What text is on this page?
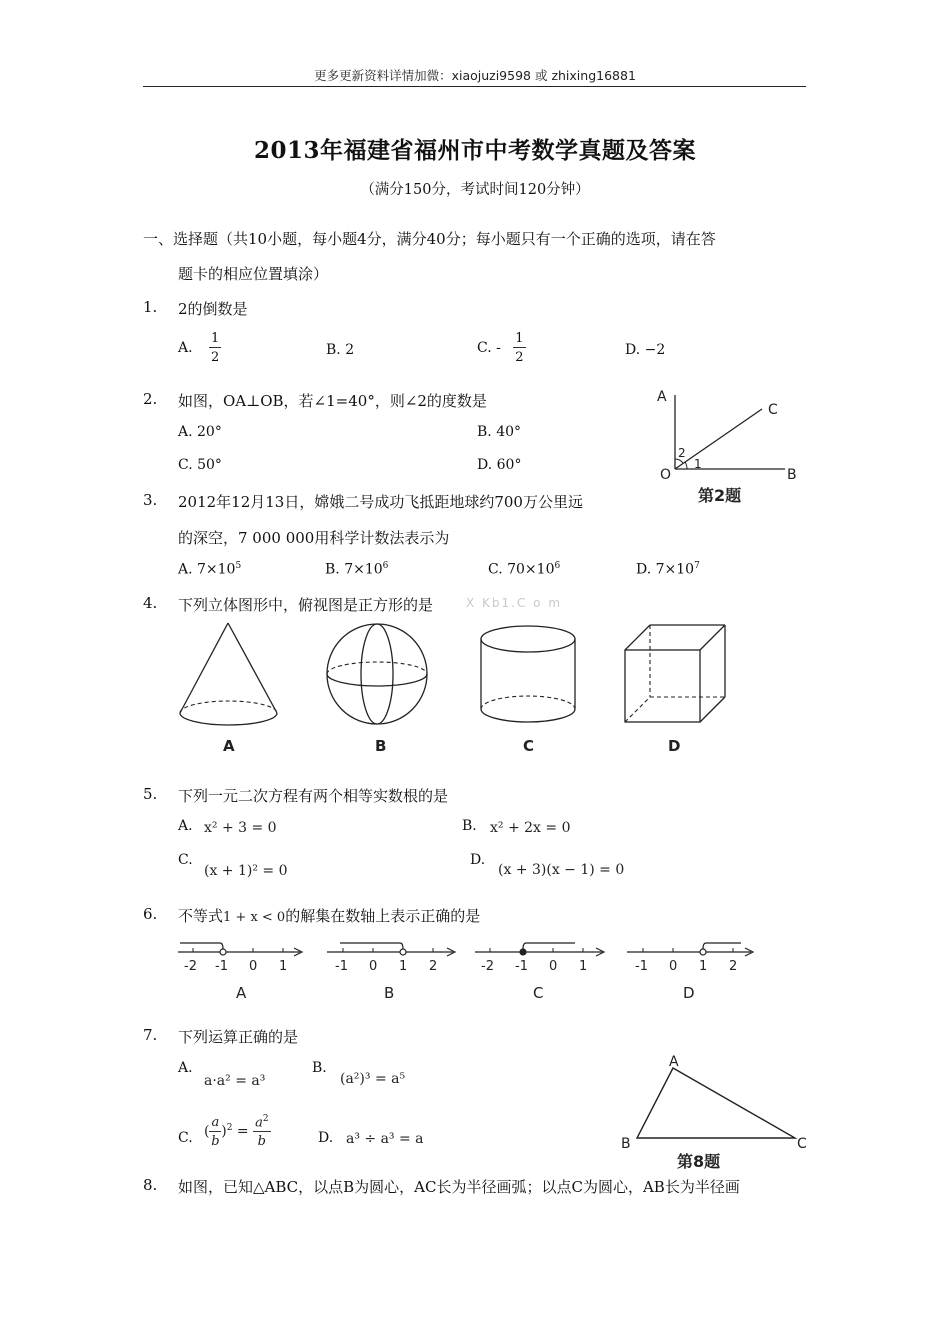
更多更新资料详情加微：xiaojuzi9598 或 zhixing16881
2013年福建省福州市中考数学真题及答案
（满分150分，考试时间120分钟）
一、选择题（共10小题，每小题4分，满分40分；每小题只有一个正确的选项，请在答
题卡的相应位置填涂）
1. 2的倒数是
A. $\frac{1}{2}$	B. 2	C. - $\frac{1}{2}$	D. −2
2. 如图，OA⊥OB，若∠1=40°，则∠2的度数是
A. 20°	B. 40°
C. 50°	D. 60°
A
C
O	B
1
2
第2题
3. 2012年12月13日，嫦娥二号成功飞抵距地球约700万公里远
的深空，7 000 000用科学计数法表示为
A. $7\times 10^5$	B. $7\times 10^6$	C. $70\times 10^6$	D. $7\times 10^7$
4. 下列立体图形中，俯视图是正方形的是	X Kb1.C o m
A	B	C	D
5. 下列一元二次方程有两个相等实数根的是
A. x² + 3 = 0	B. x² + 2x = 0
C.
(x + 1)² = 0
D.
(x + 3)(x − 1) = 0
6. 不等式1 + x < 0的解集在数轴上表示正确的是
-2 -1 0 1
A
-1 0 1 2
B
-2 -1 0 1
C
-1 0 1 2
D
7. 下列运算正确的是
A.
a·a² = a³
B.
(a²)³ = a⁵
C. ( $\frac{a}{b} )^2 = \frac{a^2}{b}$	D. a³ ÷ a³ = a
A
B	C
第8题
8. 如图，已知△ABC，以点B为圆心，AC长为半径画弧；以点C为圆心，AB长为半径画
